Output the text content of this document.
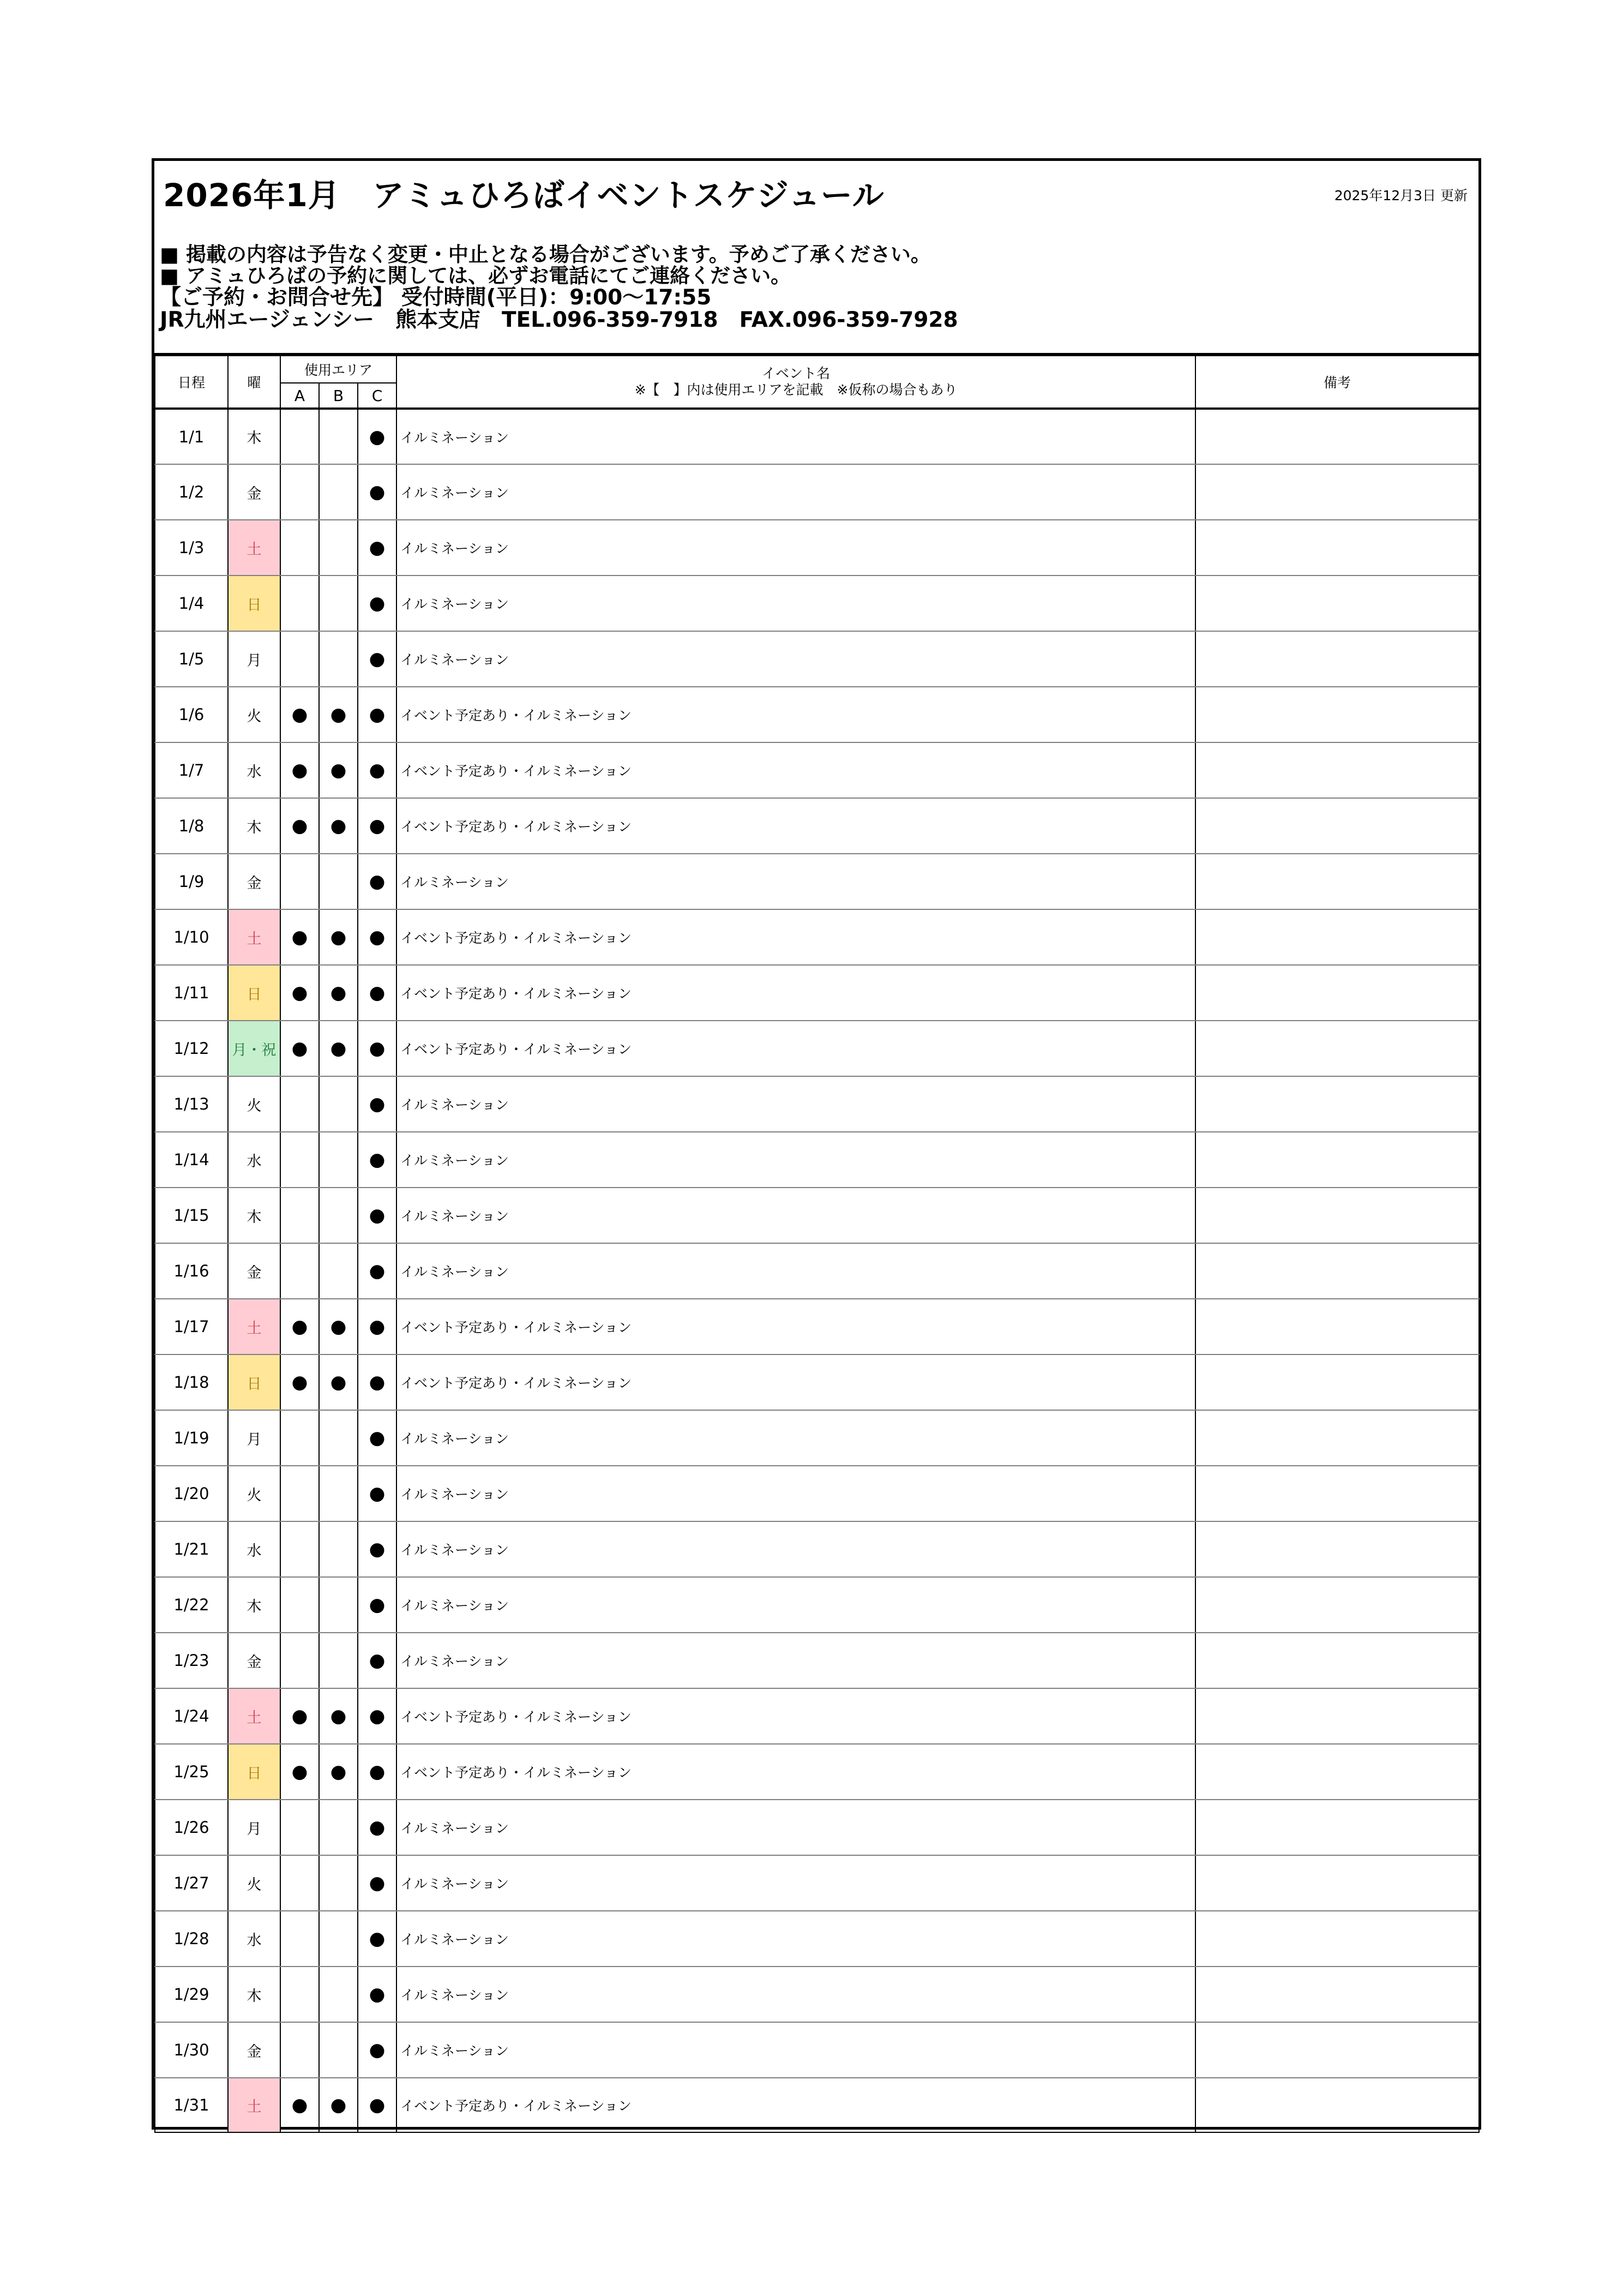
2026年1月　アミュひろばイベントスケジュール	2025年12月3日 更新
■ 掲載の内容は予告なく変更・中止となる場合がございます。予めご了承ください。
■ アミュひろばの予約に関しては、必ずお電話にてご連絡ください。
【ご予約・お問合せ先】 受付時間(平日)：9:00～17:55
JR九州エージェンシー　熊本支店　TEL.096-359-7918　FAX.096-359-7928
日程	曜	使用エリア			イベント名
※【　】内は使用エリアを記載　※仮称の場合もあり	備考
		A	B	C		
1/1	木			●	イルミネーション	
1/2	金			●	イルミネーション	
1/3	土			●	イルミネーション	
1/4	日			●	イルミネーション	
1/5	月			●	イルミネーション	
1/6	火	●	●	●	イベント予定あり・イルミネーション	
1/7	水	●	●	●	イベント予定あり・イルミネーション	
1/8	木	●	●	●	イベント予定あり・イルミネーション	
1/9	金			●	イルミネーション	
1/10	土	●	●	●	イベント予定あり・イルミネーション	
1/11	日	●	●	●	イベント予定あり・イルミネーション	
1/12	月・祝	●	●	●	イベント予定あり・イルミネーション	
1/13	火			●	イルミネーション	
1/14	水			●	イルミネーション	
1/15	木			●	イルミネーション	
1/16	金			●	イルミネーション	
1/17	土	●	●	●	イベント予定あり・イルミネーション	
1/18	日	●	●	●	イベント予定あり・イルミネーション	
1/19	月			●	イルミネーション	
1/20	火			●	イルミネーション	
1/21	水			●	イルミネーション	
1/22	木			●	イルミネーション	
1/23	金			●	イルミネーション	
1/24	土	●	●	●	イベント予定あり・イルミネーション	
1/25	日	●	●	●	イベント予定あり・イルミネーション	
1/26	月			●	イルミネーション	
1/27	火			●	イルミネーション	
1/28	水			●	イルミネーション	
1/29	木			●	イルミネーション	
1/30	金			●	イルミネーション	
1/31	土	●	●	●	イベント予定あり・イルミネーション	
